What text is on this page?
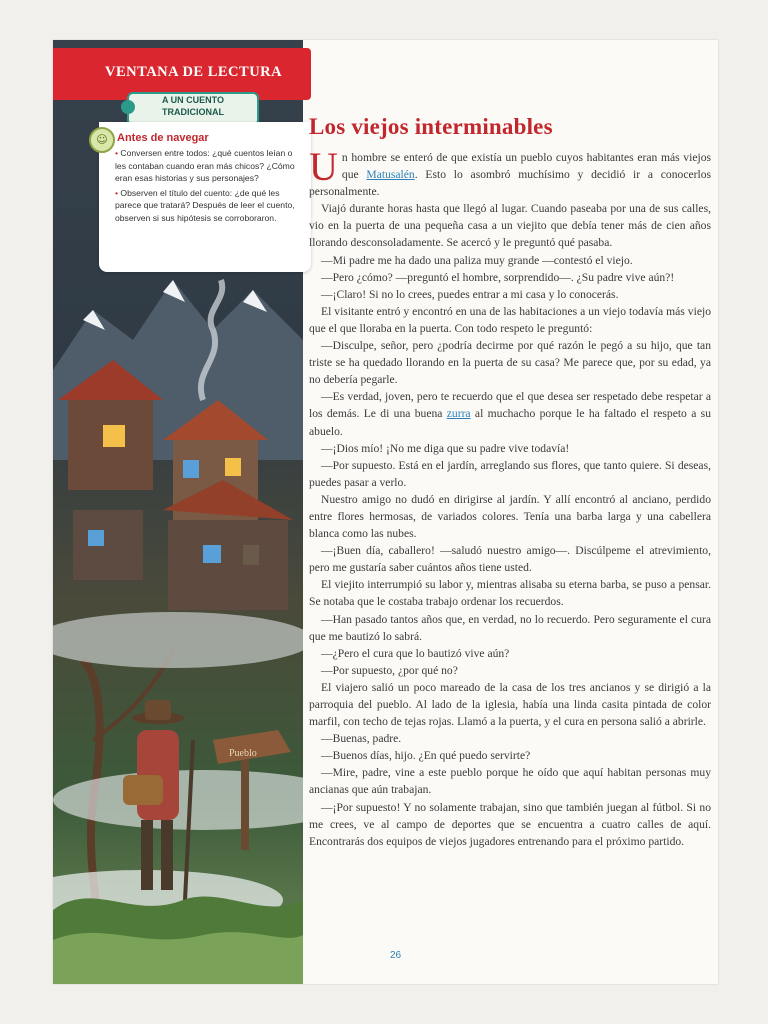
Pueblo
VENTANA DE LECTURA
A UN CUENTO
TRADICIONAL
☺ Antes de navegar

• Conversen entre todos: ¿qué cuentos leían o les contaban cuando eran más chicos? ¿Cómo eran esas historias y sus personajes?

• Observen el título del cuento: ¿de qué les parece que tratará? Después de leer el cuento, observen si sus hipótesis se corroboraron.

Los viejos interminables

Un hombre se enteró de que existía un pueblo cuyos habitantes eran más viejos que Matusalén. Esto lo asombró muchísimo y decidió ir a conocerlos personalmente.

Viajó durante horas hasta que llegó al lugar. Cuando paseaba por una de sus calles, vio en la puerta de una pequeña casa a un viejito que debía tener más de cien años llorando desconsoladamente. Se acercó y le preguntó qué pasaba.

—Mi padre me ha dado una paliza muy grande —contestó el viejo.

—Pero ¿cómo? —preguntó el hombre, sorprendido—. ¿Su padre vive aún?!

—¡Claro! Si no lo crees, puedes entrar a mi casa y lo conocerás.

El visitante entró y encontró en una de las habitaciones a un viejo todavía más viejo que el que lloraba en la puerta. Con todo respeto le preguntó:

—Disculpe, señor, pero ¿podría decirme por qué razón le pegó a su hijo, que tan triste se ha quedado llorando en la puerta de su casa? Me parece que, por su edad, ya no debería pegarle.

—Es verdad, joven, pero te recuerdo que el que desea ser respetado debe respetar a los demás. Le di una buena zurra al muchacho porque le ha faltado el respeto a su abuelo.

—¡Dios mío! ¡No me diga que su padre vive todavía!

—Por supuesto. Está en el jardín, arreglando sus flores, que tanto quiere. Si deseas, puedes pasar a verlo.

Nuestro amigo no dudó en dirigirse al jardín. Y allí encontró al anciano, perdido entre flores hermosas, de variados colores. Tenía una barba larga y una cabellera blanca como las nubes.

—¡Buen día, caballero! —saludó nuestro amigo—. Discúlpeme el atrevimiento, pero me gustaría saber cuántos años tiene usted.

El viejito interrumpió su labor y, mientras alisaba su eterna barba, se puso a pensar. Se notaba que le costaba trabajo ordenar los recuerdos.

—Han pasado tantos años que, en verdad, no lo recuerdo. Pero seguramente el cura que me bautizó lo sabrá.

—¿Pero el cura que lo bautizó vive aún?

—Por supuesto, ¿por qué no?

El viajero salió un poco mareado de la casa de los tres ancianos y se dirigió a la parroquia del pueblo. Al lado de la iglesia, había una linda casita pintada de color marfil, con techo de tejas rojas. Llamó a la puerta, y el cura en persona salió a abrirle.

—Buenas, padre.

—Buenos días, hijo. ¿En qué puedo servirte?

—Mire, padre, vine a este pueblo porque he oído que aquí habitan personas muy ancianas que aún trabajan.

—¡Por supuesto! Y no solamente trabajan, sino que también juegan al fútbol. Si no me crees, ve al campo de deportes que se encuentra a cuatro calles de aquí. Encontrarás dos equipos de viejos jugadores entrenando para el próximo partido.

26
